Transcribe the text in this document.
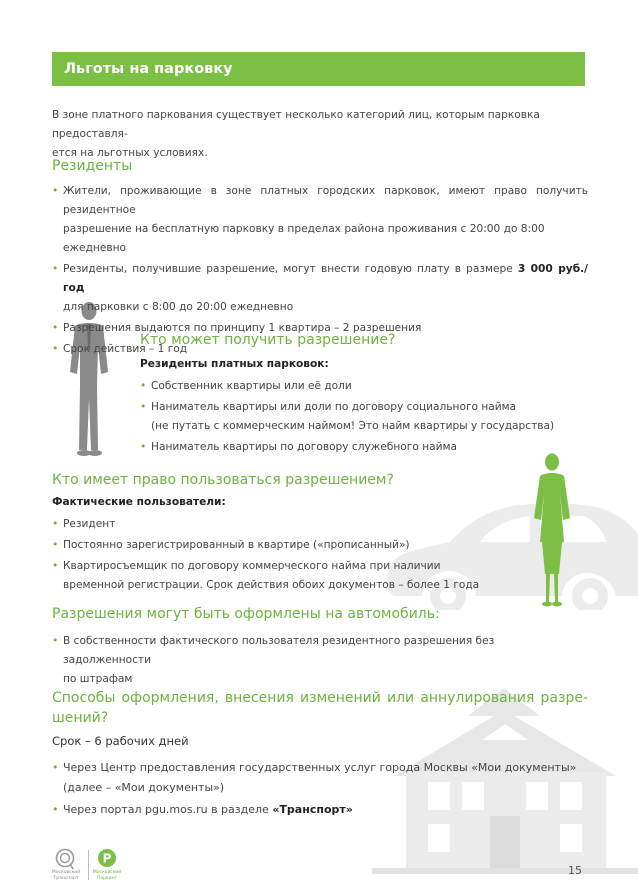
Льготы на парковку
В зоне платного парковани‍я существует несколько категорий лиц, которым парковка предоставля-
ется на льготных условиях.
Резиденты
• Жители, проживающие в зоне платных городских парковок, имеют право получить резидентное
разрешение на бесплатную парковку в пределах района проживания с 20:00 до 8:00 ежедневно
• Резиденты, получившие разрешение, могут внести годовую плату в размере 3 000 руб./год
для парковки с 8:00 до 20:00 ежедневно
• Разрешения выдаются по принципу 1 квартира – 2 разрешения
• Срок действия – 1 год
Кто может получить разрешение?
Резиденты платных парковок:
• Собственник квартиры или её доли
• Наниматель квартиры или доли по договору социального найма
(не путать с коммерческим наймом! Это найм квартиры у государства)
• Наниматель квартиры по договору служебного найма
Кто имеет право пользоваться разрешением?
Фактические пользователи:
• Резидент
• Постоянно зарегистрированный в квартире («прописанный»)
• Квартиросъемщик по договору коммерческого найма при наличии
временной регистрации. Срок действия обоих документов – более 1 года
Разрешения могут быть оформлены на автомобиль:
• В собственности фактического пользователя резидентного разрешения без задолженности
по штрафам
Способы оформления, внесения изменений или аннулирования разре-
шений?
Срок – 6 рабочих дней
• Через Центр предоставления государственных услуг города Москвы «Мои документы»
(далее – «Мои документы»)
• Через портал pgu.mos.ru в разделе «Транспорт»
Московский
Транспорт
P
Московский
Паркинг
15
